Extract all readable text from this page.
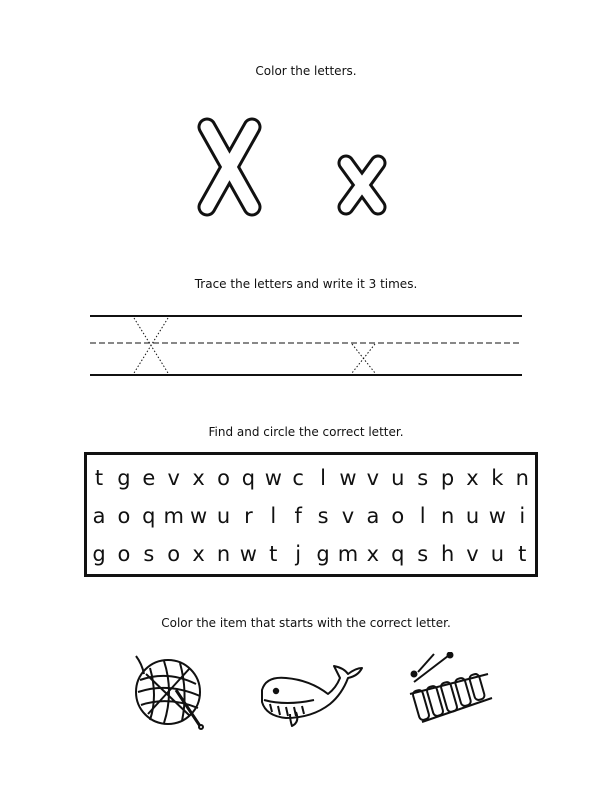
Color the letters.
Trace the letters and write it 3 times.
Find and circle the correct letter.
t g e v x o q w c l w v u s p x k n
a o q m w u r l f s v a o l n u w i
g o s o x n w t j g m x q s h v u t
Color the item that starts with the correct letter.
